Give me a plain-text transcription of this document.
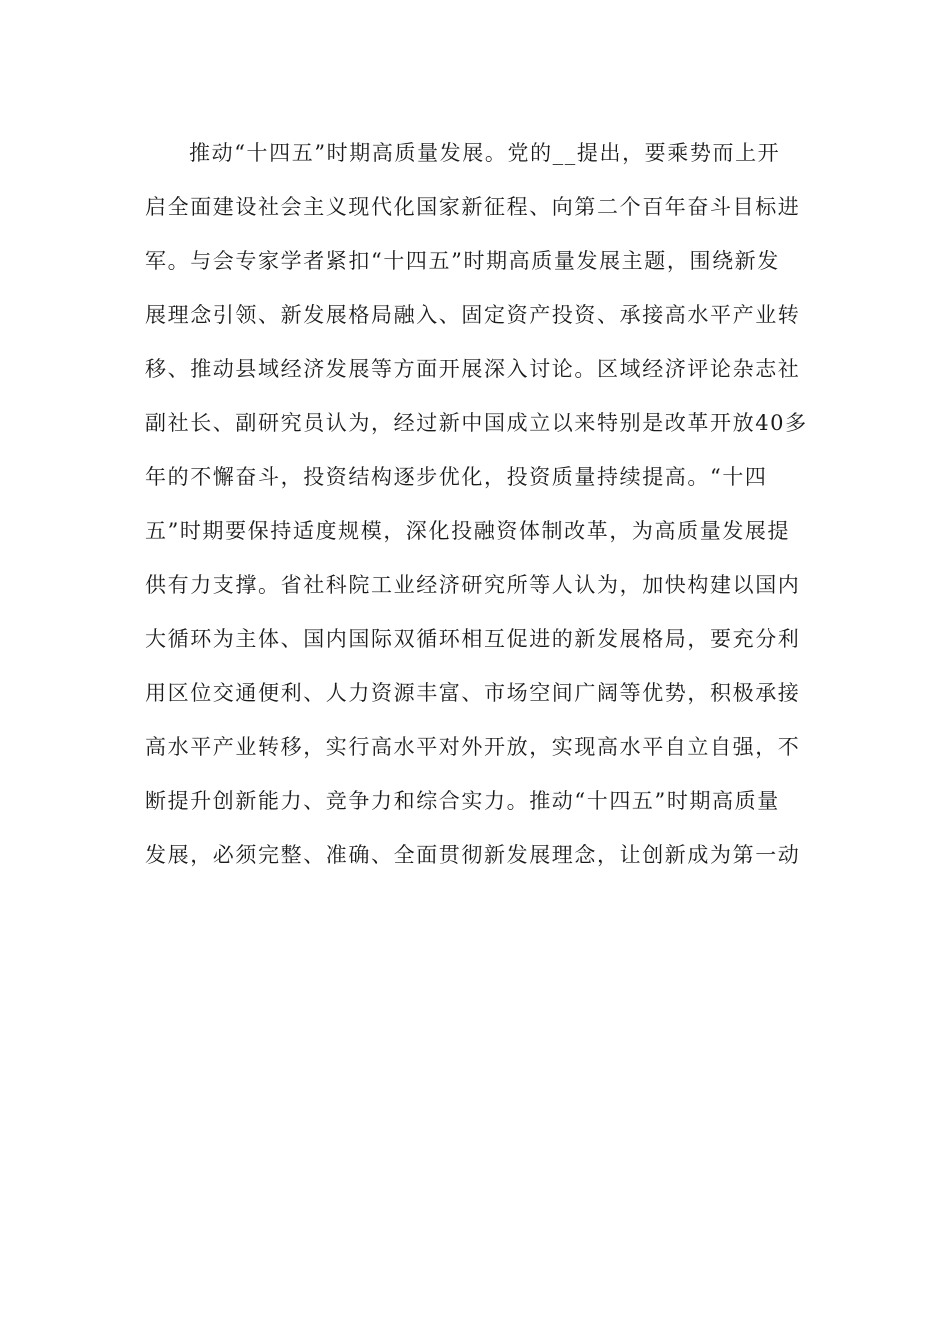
推动“十四五”时期高质量发展。党的__提出，要乘势而上开
启全面建设社会主义现代化国家新征程、向第二个百年奋斗目标进
军。与会专家学者紧扣“十四五”时期高质量发展主题，围绕新发
展理念引领、新发展格局融入、固定资产投资、承接高水平产业转
移、推动县域经济发展等方面开展深入讨论。区域经济评论杂志社
副社长、副研究员认为，经过新中国成立以来特别是改革开放40多
年的不懈奋斗，投资结构逐步优化，投资质量持续提高。“十四
五”时期要保持适度规模，深化投融资体制改革，为高质量发展提
供有力支撑。省社科院工业经济研究所等人认为，加快构建以国内
大循环为主体、国内国际双循环相互促进的新发展格局，要充分利
用区位交通便利、人力资源丰富、市场空间广阔等优势，积极承接
高水平产业转移，实行高水平对外开放，实现高水平自立自强，不
断提升创新能力、竞争力和综合实力。推动“十四五”时期高质量
发展，必须完整、准确、全面贯彻新发展理念，让创新成为第一动
